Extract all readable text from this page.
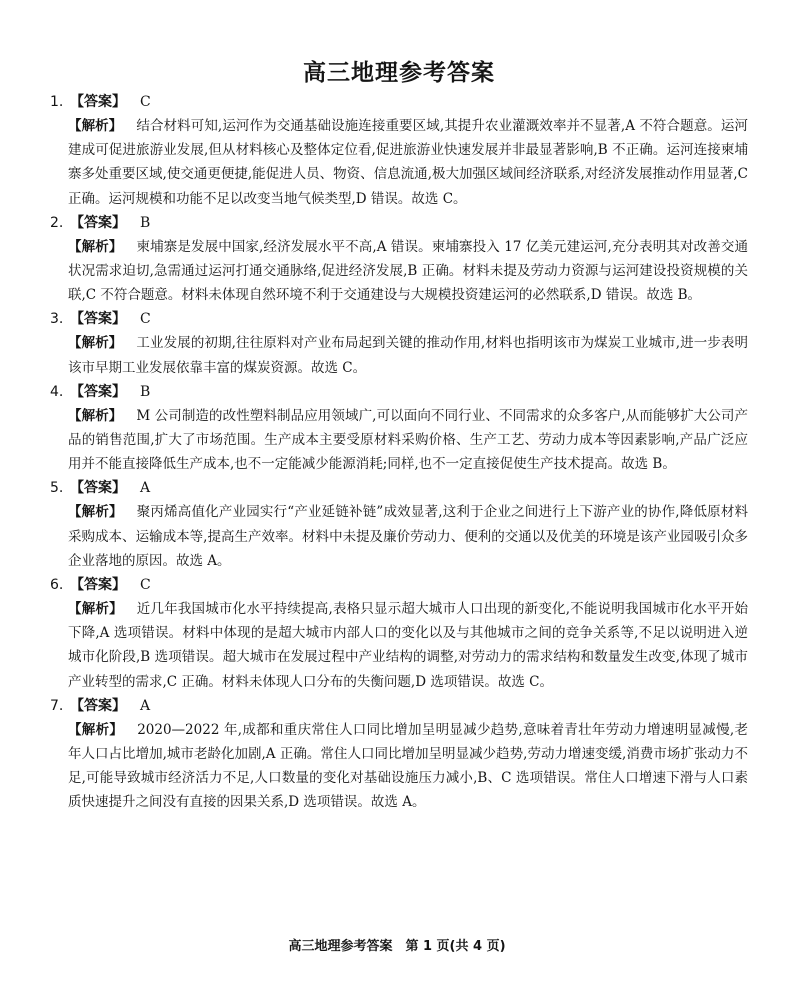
高三地理参考答案
1. 【答案】 C

【解析】 结合材料可知,运河作为交通基础设施连接重要区域,其提升农业灌溉效率并不显著,A 不符合题意。运河建成可促进旅游业发展,但从材料核心及整体定位看,促进旅游业快速发展并非最显著影响,B 不正确。运河连接柬埔寨多处重要区域,使交通更便捷,能促进人员、物资、信息流通,极大加强区域间经济联系,对经济发展推动作用显著,C 正确。运河规模和功能不足以改变当地气候类型,D 错误。故选 C。

2. 【答案】 B

【解析】 柬埔寨是发展中国家,经济发展水平不高,A 错误。柬埔寨投入 17 亿美元建运河,充分表明其对改善交通状况需求迫切,急需通过运河打通交通脉络,促进经济发展,B 正确。材料未提及劳动力资源与运河建设投资规模的关联,C 不符合题意。材料未体现自然环境不利于交通建设与大规模投资建运河的必然联系,D 错误。故选 B。

3. 【答案】 C

【解析】 工业发展的初期,往往原料对产业布局起到关键的推动作用,材料也指明该市为煤炭工业城市,进一步表明该市早期工业发展依靠丰富的煤炭资源。故选 C。

4. 【答案】 B

【解析】 M 公司制造的改性塑料制品应用领域广,可以面向不同行业、不同需求的众多客户,从而能够扩大公司产品的销售范围,扩大了市场范围。生产成本主要受原材料采购价格、生产工艺、劳动力成本等因素影响,产品广泛应用并不能直接降低生产成本,也不一定能减少能源消耗;同样,也不一定直接促使生产技术提高。故选 B。

5. 【答案】 A

【解析】 聚丙烯高值化产业园实行“产业延链补链”成效显著,这利于企业之间进行上下游产业的协作,降低原材料采购成本、运输成本等,提高生产效率。材料中未提及廉价劳动力、便利的交通以及优美的环境是该产业园吸引众多企业落地的原因。故选 A。

6. 【答案】 C

【解析】 近几年我国城市化水平持续提高,表格只显示超大城市人口出现的新变化,不能说明我国城市化水平开始下降,A 选项错误。材料中体现的是超大城市内部人口的变化以及与其他城市之间的竞争关系等,不足以说明进入逆城市化阶段,B 选项错误。超大城市在发展过程中产业结构的调整,对劳动力的需求结构和数量发生改变,体现了城市产业转型的需求,C 正确。材料未体现人口分布的失衡问题,D 选项错误。故选 C。

7. 【答案】 A

【解析】 2020—2022 年,成都和重庆常住人口同比增加呈明显减少趋势,意味着青壮年劳动力增速明显减慢,老年人口占比增加,城市老龄化加剧,A 正确。常住人口同比增加呈明显减少趋势,劳动力增速变缓,消费市场扩张动力不足,可能导致城市经济活力不足,人口数量的变化对基础设施压力减小,B、C 选项错误。常住人口增速下滑与人口素质快速提升之间没有直接的因果关系,D 选项错误。故选 A。

高三地理参考答案　第 1 页(共 4 页)
